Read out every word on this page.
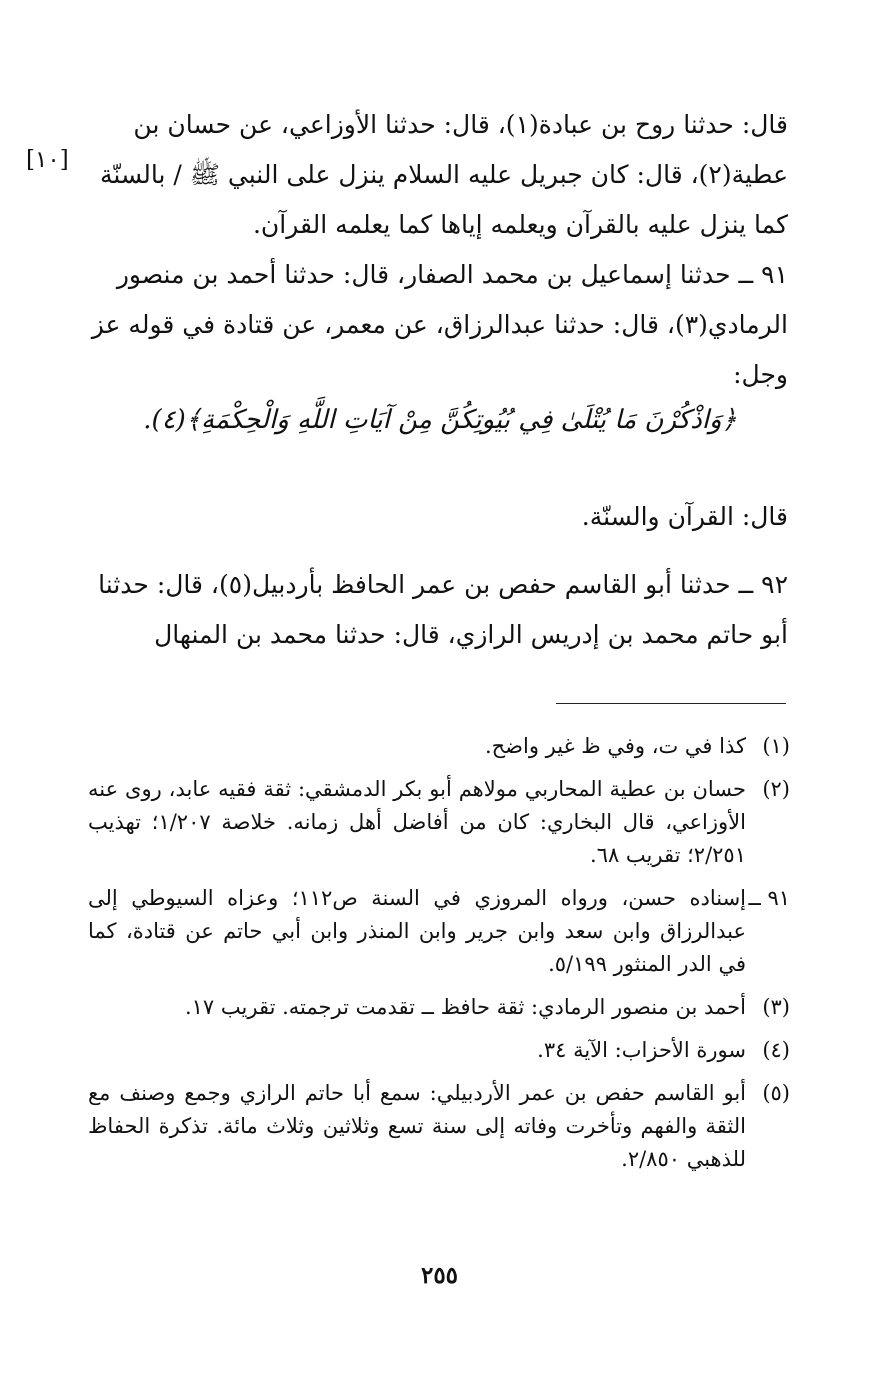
[١٠]

قال: حدثنا روح بن عبادة(١)، قال: حدثنا الأوزاعي، عن حسان بن عطية(٢)، قال: كان جبريل عليه السلام ينزل على النبي ﷺ / بالسنّة كما ينزل عليه بالقرآن ويعلمه إياها كما يعلمه القرآن.

٩١ ــ حدثنا إسماعيل بن محمد الصفار، قال: حدثنا أحمد بن منصور الرمادي(٣)، قال: حدثنا عبدالرزاق، عن معمر، عن قتادة في قوله عز وجل:

﴿وَاذْكُرْنَ مَا يُتْلَىٰ فِي بُيُوتِكُنَّ مِنْ آيَاتِ اللَّهِ وَالْحِكْمَةِ﴾(٤).

قال: القرآن والسنّة.

٩٢ ــ حدثنا أبو القاسم حفص بن عمر الحافظ بأردبيل(٥)، قال: حدثنا أبو حاتم محمد بن إدريس الرازي، قال: حدثنا محمد بن المنهال

(١)
كذا في ت، وفي ظ غير واضح.
(٢)
حسان بن عطية المحاربي مولاهم أبو بكر الدمشقي: ثقة فقيه عابد، روى عنه الأوزاعي، قال البخاري: كان من أفاضل أهل زمانه. خلاصة ١/٢٠٧؛ تهذيب ٢/٢٥١؛ تقريب ٦٨.
٩١ ــ
إسناده حسن، ورواه المروزي في السنة ص١١٢؛ وعزاه السيوطي إلى عبدالرزاق وابن سعد وابن جرير وابن المنذر وابن أبي حاتم عن قتادة، كما في الدر المنثور ٥/١٩٩.
(٣)
أحمد بن منصور الرمادي: ثقة حافظ ــ تقدمت ترجمته. تقريب ١٧.
(٤)
سورة الأحزاب: الآية ٣٤.
(٥)
أبو القاسم حفص بن عمر الأردبيلي: سمع أبا حاتم الرازي وجمع وصنف مع الثقة والفهم وتأخرت وفاته إلى سنة تسع وثلاثين وثلاث مائة. تذكرة الحفاظ للذهبي ٢/٨٥٠.
٢٥٥
